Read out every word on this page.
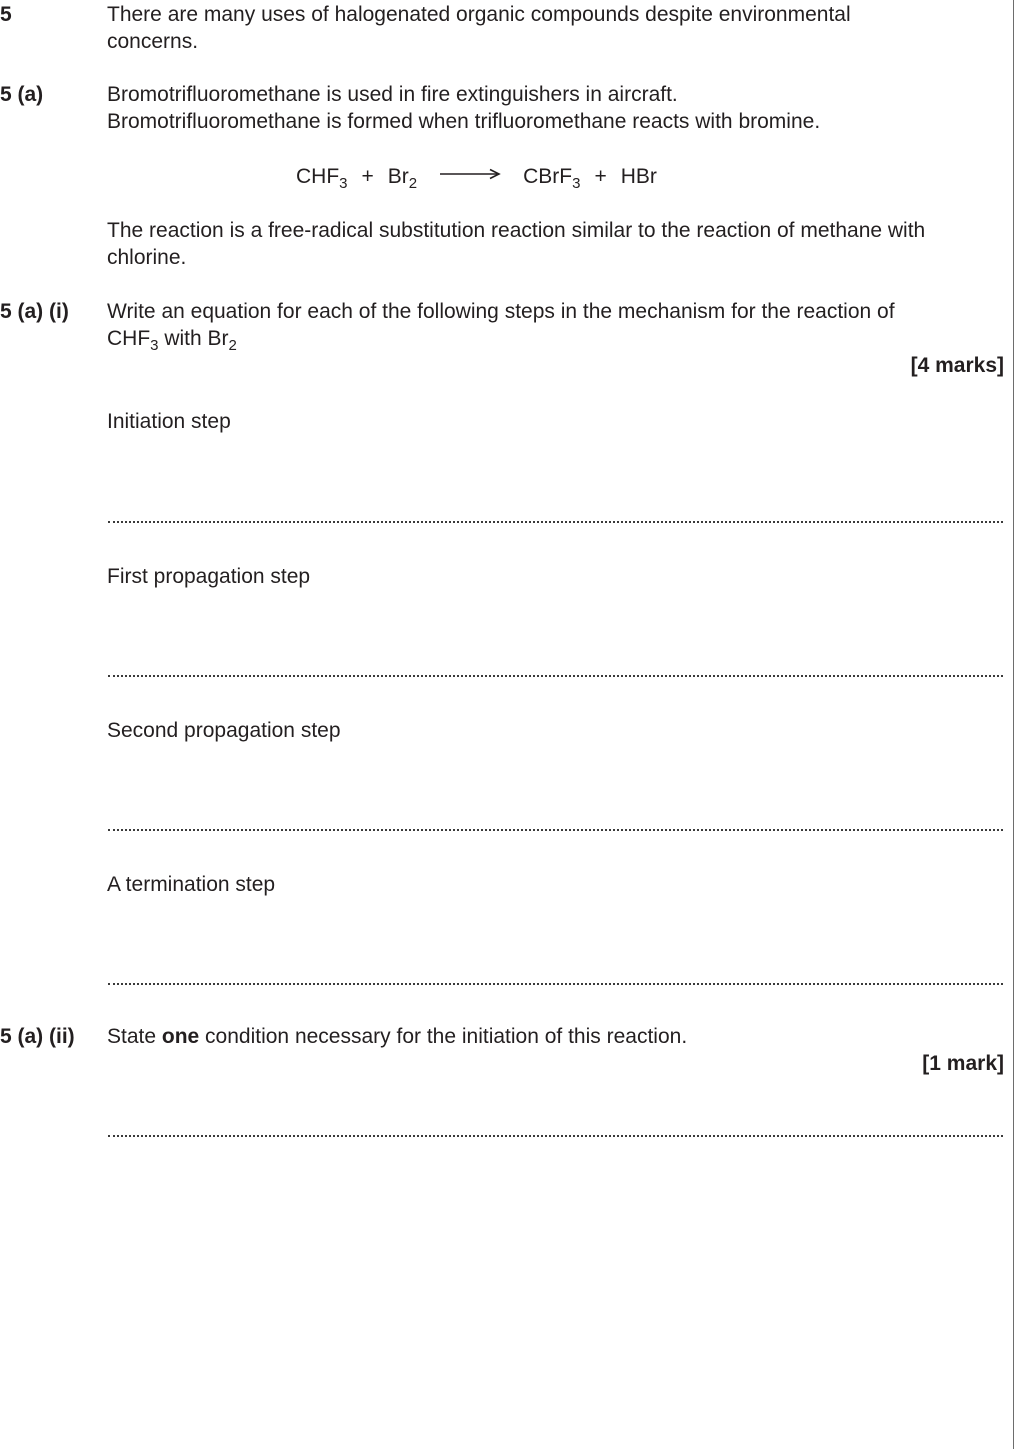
5	There are many uses of halogenated organic compounds despite environmental concerns.
5 (a)	Bromotrifluoromethane is used in fire extinguishers in aircraft.

Bromotrifluoromethane is formed when trifluoromethane reacts with bromine.

$CHF_3 + Br_2$ → CBrF$_3$ + HBr
The reaction is a free-radical substitution reaction similar to the reaction of methane with chlorine.
5 (a) (i) Write an equation for each of the following steps in the mechanism for the reaction of

$CHF_3$ with $Br_2$

[4 marks]
Initiation step
First propagation step
Second propagation step
A termination step
5 (a) (ii) State one condition necessary for the initiation of this reaction.
[1 mark]
